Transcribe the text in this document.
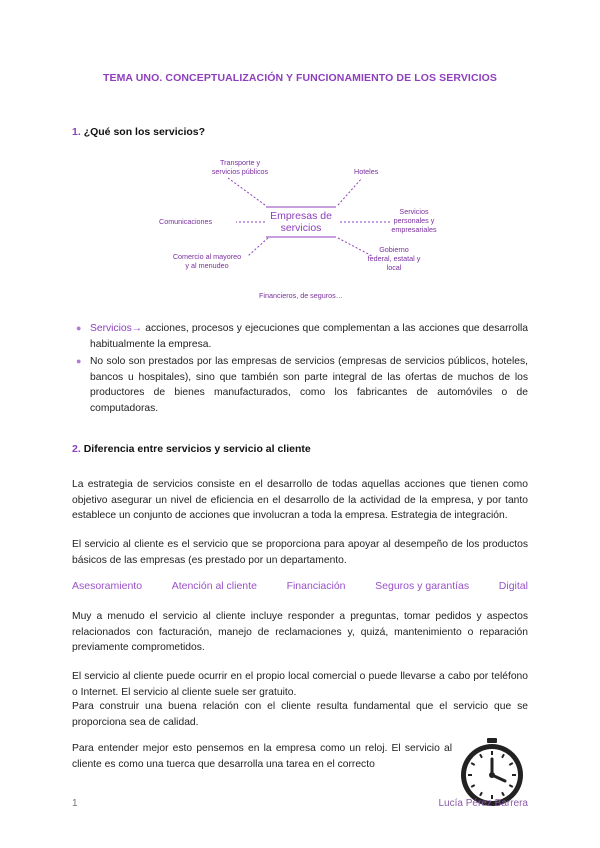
TEMA UNO. CONCEPTUALIZACIÓN Y FUNCIONAMIENTO DE LOS SERVICIOS
1. ¿Qué son los servicios?
Empresas de
servicios
Transporte y
servicios públicos	Hoteles
Comunicaciones
Servicios
personales y
empresariales
Comercio al mayoreo
y al menudeo
Gobierno
federal, estatal y
local
Financieros, de seguros…
● Servicios→ acciones, procesos y ejecuciones que complementan a las acciones que desarrolla habitualmente la empresa.
● No solo son prestados por las empresas de servicios (empresas de servicios públicos, hoteles, bancos u hospitales), sino que también son parte integral de las ofertas de muchos de los productores de bienes manufacturados, como los fabricantes de automóviles o de computadoras.
2. Diferencia entre servicios y servicio al cliente
La estrategia de servicios consiste en el desarrollo de todas aquellas acciones que tienen como objetivo asegurar un nivel de eficiencia en el desarrollo de la actividad de la empresa, y por tanto establece un conjunto de acciones que involucran a toda la empresa. Estrategia de integración.
El servicio al cliente es el servicio que se proporciona para apoyar al desempeño de los productos básicos de las empresas (es prestado por un departamento.
Asesoramiento	Atención al cliente	Financiación	Seguros y garantías	Digital
Muy a menudo el servicio al cliente incluye responder a preguntas, tomar pedidos y aspectos relacionados con facturación, manejo de reclamaciones y, quizá, mantenimiento o reparación previamente comprometidos.
El servicio al cliente puede ocurrir en el propio local comercial o puede llevarse a cabo por teléfono o Internet. El servicio al cliente suele ser gratuito.
Para construir una buena relación con el cliente resulta fundamental que el servicio que se proporciona sea de calidad.
Para entender mejor esto pensemos en la empresa como un reloj. El servicio al cliente es como una tuerca que desarrolla una tarea en el correcto
1	Lucía Pérez Barrera
